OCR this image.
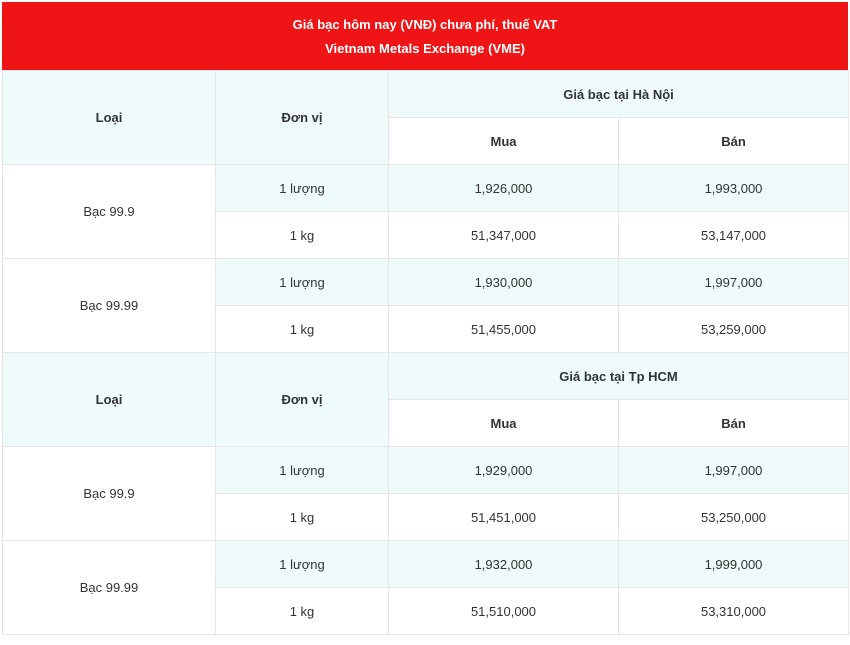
Giá bạc hôm nay (VNĐ) chưa phí, thuế VAT
Vietnam Metals Exchange (VME)
Loại	Đơn vị	Giá bạc tại Hà Nội	
		Mua	Bán
Bạc 99.9	1 lượng	1,926,000	1,993,000
	1 kg	51,347,000	53,147,000
Bạc 99.99	1 lượng	1,930,000	1,997,000
	1 kg	51,455,000	53,259,000
Loại	Đơn vị	Giá bạc tại Tp HCM	
		Mua	Bán
Bạc 99.9	1 lượng	1,929,000	1,997,000
	1 kg	51,451,000	53,250,000
Bạc 99.99	1 lượng	1,932,000	1,999,000
	1 kg	51,510,000	53,310,000
